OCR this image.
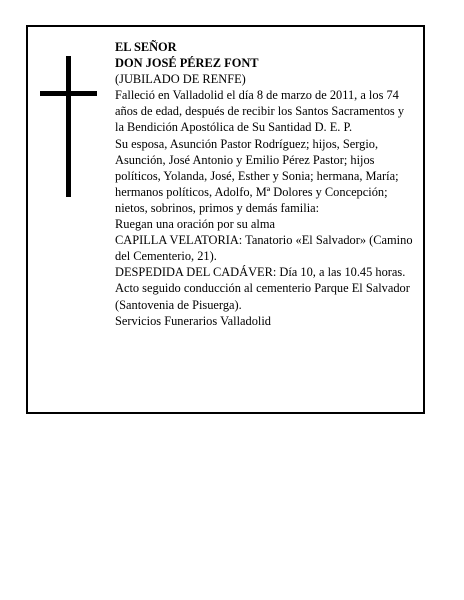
EL SEÑOR

DON JOSÉ PÉREZ FONT

(JUBILADO DE RENFE)

Falleció en Valladolid el día 8 de marzo de 2011, a los 74 años de edad, después de recibir los Santos Sacramentos y la Bendición Apostólica de Su Santidad D. E. P.

Su esposa, Asunción Pastor Rodríguez; hijos, Sergio, Asunción, José Antonio y Emilio Pérez Pastor; hijos políticos, Yolanda, José, Esther y Sonia; hermana, María; hermanos políticos, Adolfo, Mª Dolores y Concepción; nietos, sobrinos, primos y demás familia:

Ruegan una oración por su alma

CAPILLA VELATORIA: Tanatorio «El Salvador» (Camino del Cementerio, 21).

DESPEDIDA DEL CADÁVER: Día 10, a las 10.45 horas. Acto seguido conducción al cementerio Parque El Salvador (Santovenia de Pisuerga).

Servicios Funerarios Valladolid
